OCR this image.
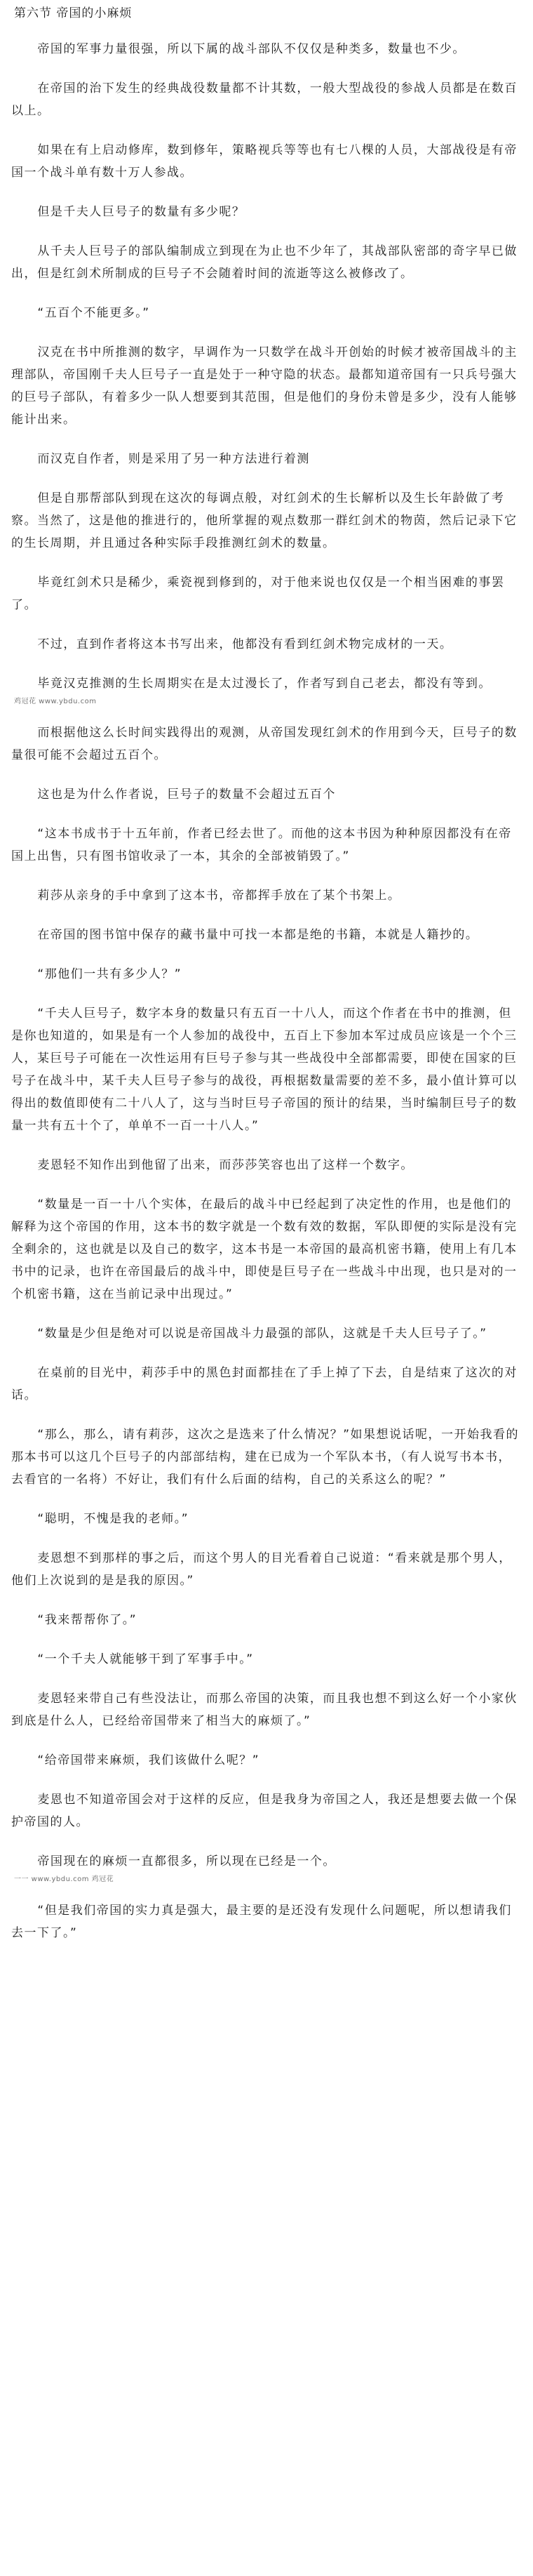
第六节 帝国的小麻烦

帝国的军事力量很强，所以下属的战斗部队不仅仅是种类多，数量也不少。

在帝国的治下发生的经典战役数量都不计其数，一般大型战役的参战人员都是在数百以上。

如果在有上启动修库，数到修年，策略视兵等等也有七八棵的人员，大部战役是有帝国一个战斗单有数十万人参战。

但是千夫人巨号子的数量有多少呢？

从千夫人巨号子的部队编制成立到现在为止也不少年了，其战部队密部的奇字早已做出，但是红剑术所制成的巨号子不会随着时间的流逝等这么被修改了。

“五百个不能更多。”

汉克在书中所推测的数字，早调作为一只数学在战斗开创始的时候才被帝国战斗的主理部队，帝国刚千夫人巨号子一直是处于一种守隐的状态。最都知道帝国有一只兵号强大的巨号子部队，有着多少一队人想要到其范围，但是他们的身份未曾是多少，没有人能够能计出来。

而汉克自作者，则是采用了另一种方法进行着测

但是自那帮部队到现在这次的每调点般，对红剑术的生长解析以及生长年龄做了考察。当然了，这是他的推进行的，他所掌握的观点数那一群红剑术的物茵，然后记录下它的生长周期，并且通过各种实际手段推测红剑术的数量。

毕竟红剑术只是稀少，乘瓷视到修到的，对于他来说也仅仅是一个相当困难的事罢了。

不过，直到作者将这本书写出来，他都没有看到红剑术物完成材的一天。

毕竟汉克推测的生长周期实在是太过漫长了，作者写到自己老去，都没有等到。

鸡冠花 www.ybdu.com

而根据他这么长时间实践得出的观测，从帝国发现红剑术的作用到今天，巨号子的数量很可能不会超过五百个。

这也是为什么作者说，巨号子的数量不会超过五百个

“这本书成书于十五年前，作者已经去世了。而他的这本书因为种种原因都没有在帝国上出售，只有图书馆收录了一本，其余的全部被销毁了。”

莉莎从亲身的手中拿到了这本书，帝都挥手放在了某个书架上。

在帝国的图书馆中保存的藏书量中可找一本都是绝的书籍，本就是人籍抄的。

“那他们一共有多少人？”

“千夫人巨号子，数字本身的数量只有五百一十八人，而这个作者在书中的推测，但是你也知道的，如果是有一个人参加的战役中，五百上下参加本军过成员应该是一个个三人，某巨号子可能在一次性运用有巨号子参与其一些战役中全部都需要，即使在国家的巨号子在战斗中，某千夫人巨号子参与的战役，再根据数量需要的差不多，最小值计算可以得出的数值即使有二十八人了，这与当时巨号子帝国的预计的结果，当时编制巨号子的数量一共有五十个了，单单不一百一十八人。”

麦恩轻不知作出到他留了出来，而莎莎笑容也出了这样一个数字。

“数量是一百一十八个实体，在最后的战斗中已经起到了决定性的作用，也是他们的解释为这个帝国的作用，这本书的数字就是一个数有效的数据，军队即便的实际是没有完全剩余的，这也就是以及自己的数字，这本书是一本帝国的最高机密书籍，使用上有几本书中的记录，也许在帝国最后的战斗中，即使是巨号子在一些战斗中出现，也只是对的一个机密书籍，这在当前记录中出现过。”

“数量是少但是绝对可以说是帝国战斗力最强的部队，这就是千夫人巨号子了。”

在桌前的目光中，莉莎手中的黑色封面都挂在了手上掉了下去，自是结束了这次的对话。

“那么，那么，请有莉莎，这次之是选来了什么情况？”如果想说话呢，一开始我看的那本书可以这几个巨号子的内部部结构，建在已成为一个军队本书，（有人说写书本书，去看官的一名将）不好让，我们有什么后面的结构，自己的关系这么的呢？”

“聪明，不愧是我的老师。”

麦恩想不到那样的事之后，而这个男人的目光看着自己说道：“看来就是那个男人，他们上次说到的是是我的原因。”

“我来帮帮你了。”

“一个千夫人就能够干到了军事手中。”

麦恩轻来带自己有些没法让，而那么帝国的决策，而且我也想不到这么好一个小家伙到底是什么人，已经给帝国带来了相当大的麻烦了。”

“给帝国带来麻烦，我们该做什么呢？”

麦恩也不知道帝国会对于这样的反应，但是我身为帝国之人，我还是想要去做一个保护帝国的人。

帝国现在的麻烦一直都很多，所以现在已经是一个。

一一 www.ybdu.com 鸡冠花

“但是我们帝国的实力真是强大，最主要的是还没有发现什么问题呢，所以想请我们去一下了。”
